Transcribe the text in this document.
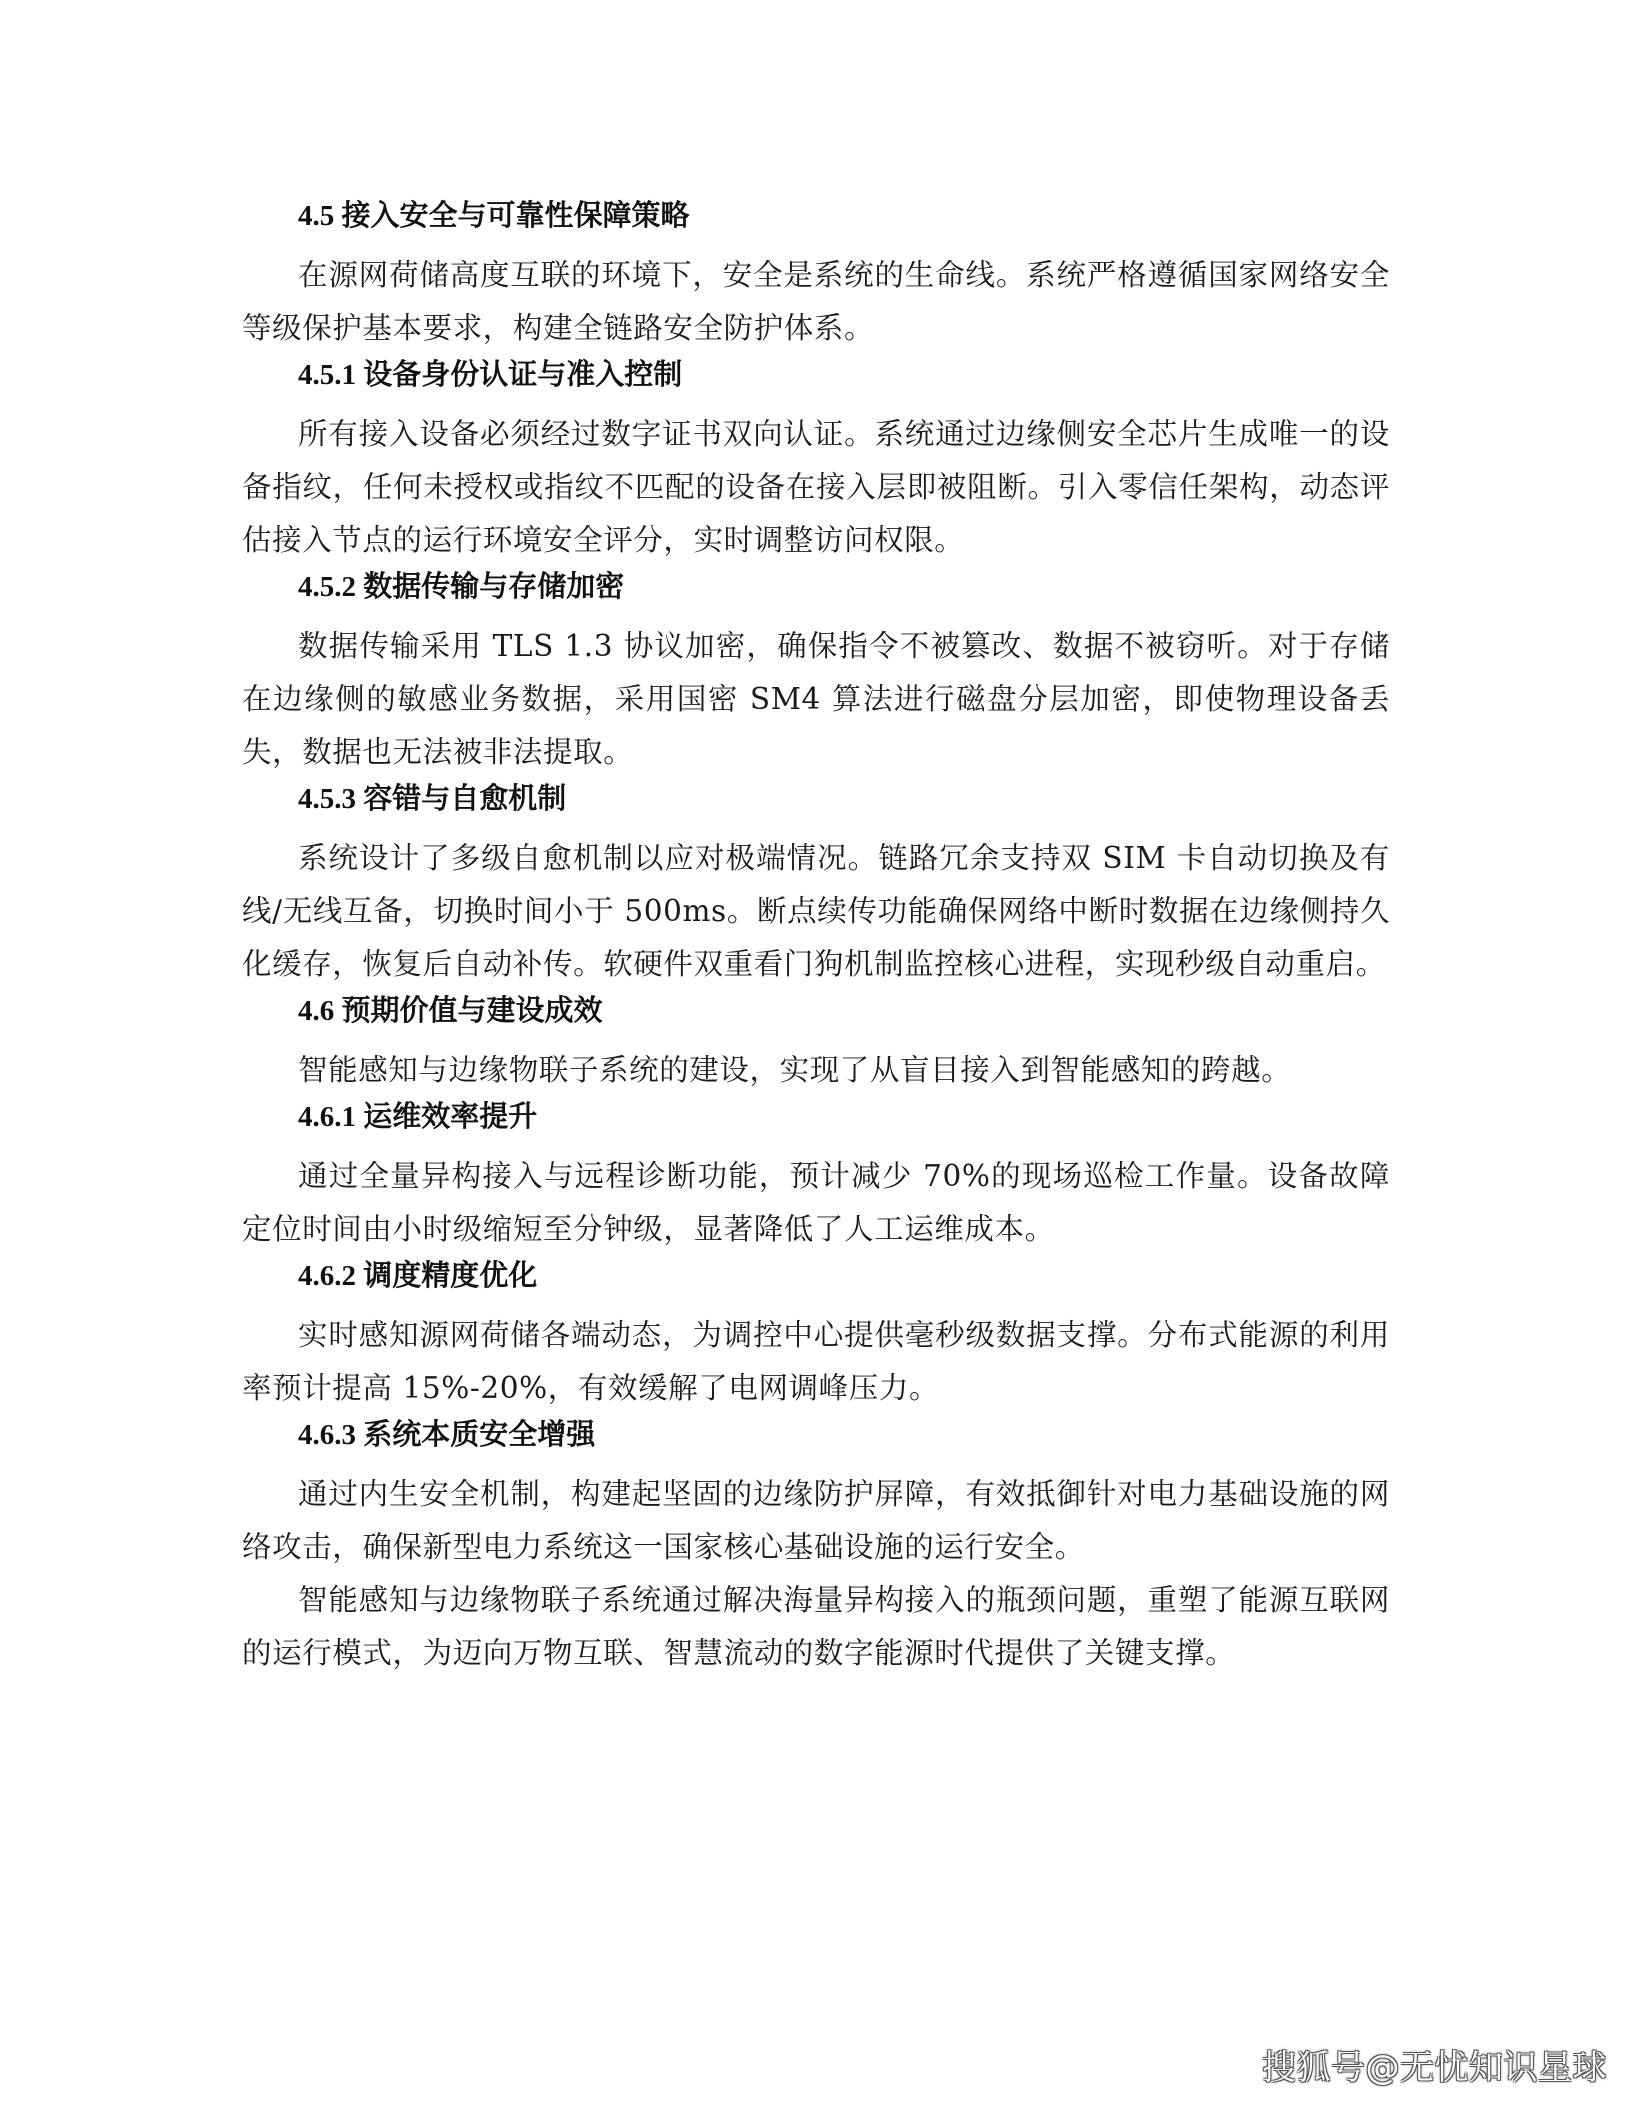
4.5 接入安全与可靠性保障策略

在源网荷储高度互联的环境下，安全是系统的生命线。系统严格遵循国家网络安全等级保护基本要求，构建全链路安全防护体系。

4.5.1 设备身份认证与准入控制

所有接入设备必须经过数字证书双向认证。系统通过边缘侧安全芯片生成唯一的设备指纹，任何未授权或指纹不匹配的设备在接入层即被阻断。引入零信任架构，动态评估接入节点的运行环境安全评分，实时调整访问权限。

4.5.2 数据传输与存储加密

数据传输采用 TLS 1.3 协议加密，确保指令不被篡改、数据不被窃听。对于存储在边缘侧的敏感业务数据，采用国密 SM4 算法进行磁盘分层加密，即使物理设备丢失，数据也无法被非法提取。

4.5.3 容错与自愈机制

系统设计了多级自愈机制以应对极端情况。链路冗余支持双 SIM 卡自动切换及有线/无线互备，切换时间小于 500ms。断点续传功能确保网络中断时数据在边缘侧持久化缓存，恢复后自动补传。软硬件双重看门狗机制监控核心进程，实现秒级自动重启。

4.6 预期价值与建设成效

智能感知与边缘物联子系统的建设，实现了从盲目接入到智能感知的跨越。

4.6.1 运维效率提升

通过全量异构接入与远程诊断功能，预计减少 70%的现场巡检工作量。设备故障定位时间由小时级缩短至分钟级，显著降低了人工运维成本。

4.6.2 调度精度优化

实时感知源网荷储各端动态，为调控中心提供毫秒级数据支撑。分布式能源的利用率预计提高 15%-20%，有效缓解了电网调峰压力。

4.6.3 系统本质安全增强

通过内生安全机制，构建起坚固的边缘防护屏障，有效抵御针对电力基础设施的网络攻击，确保新型电力系统这一国家核心基础设施的运行安全。

智能感知与边缘物联子系统通过解决海量异构接入的瓶颈问题，重塑了能源互联网的运行模式，为迈向万物互联、智慧流动的数字能源时代提供了关键支撑。

搜狐号@无忧知识星球
